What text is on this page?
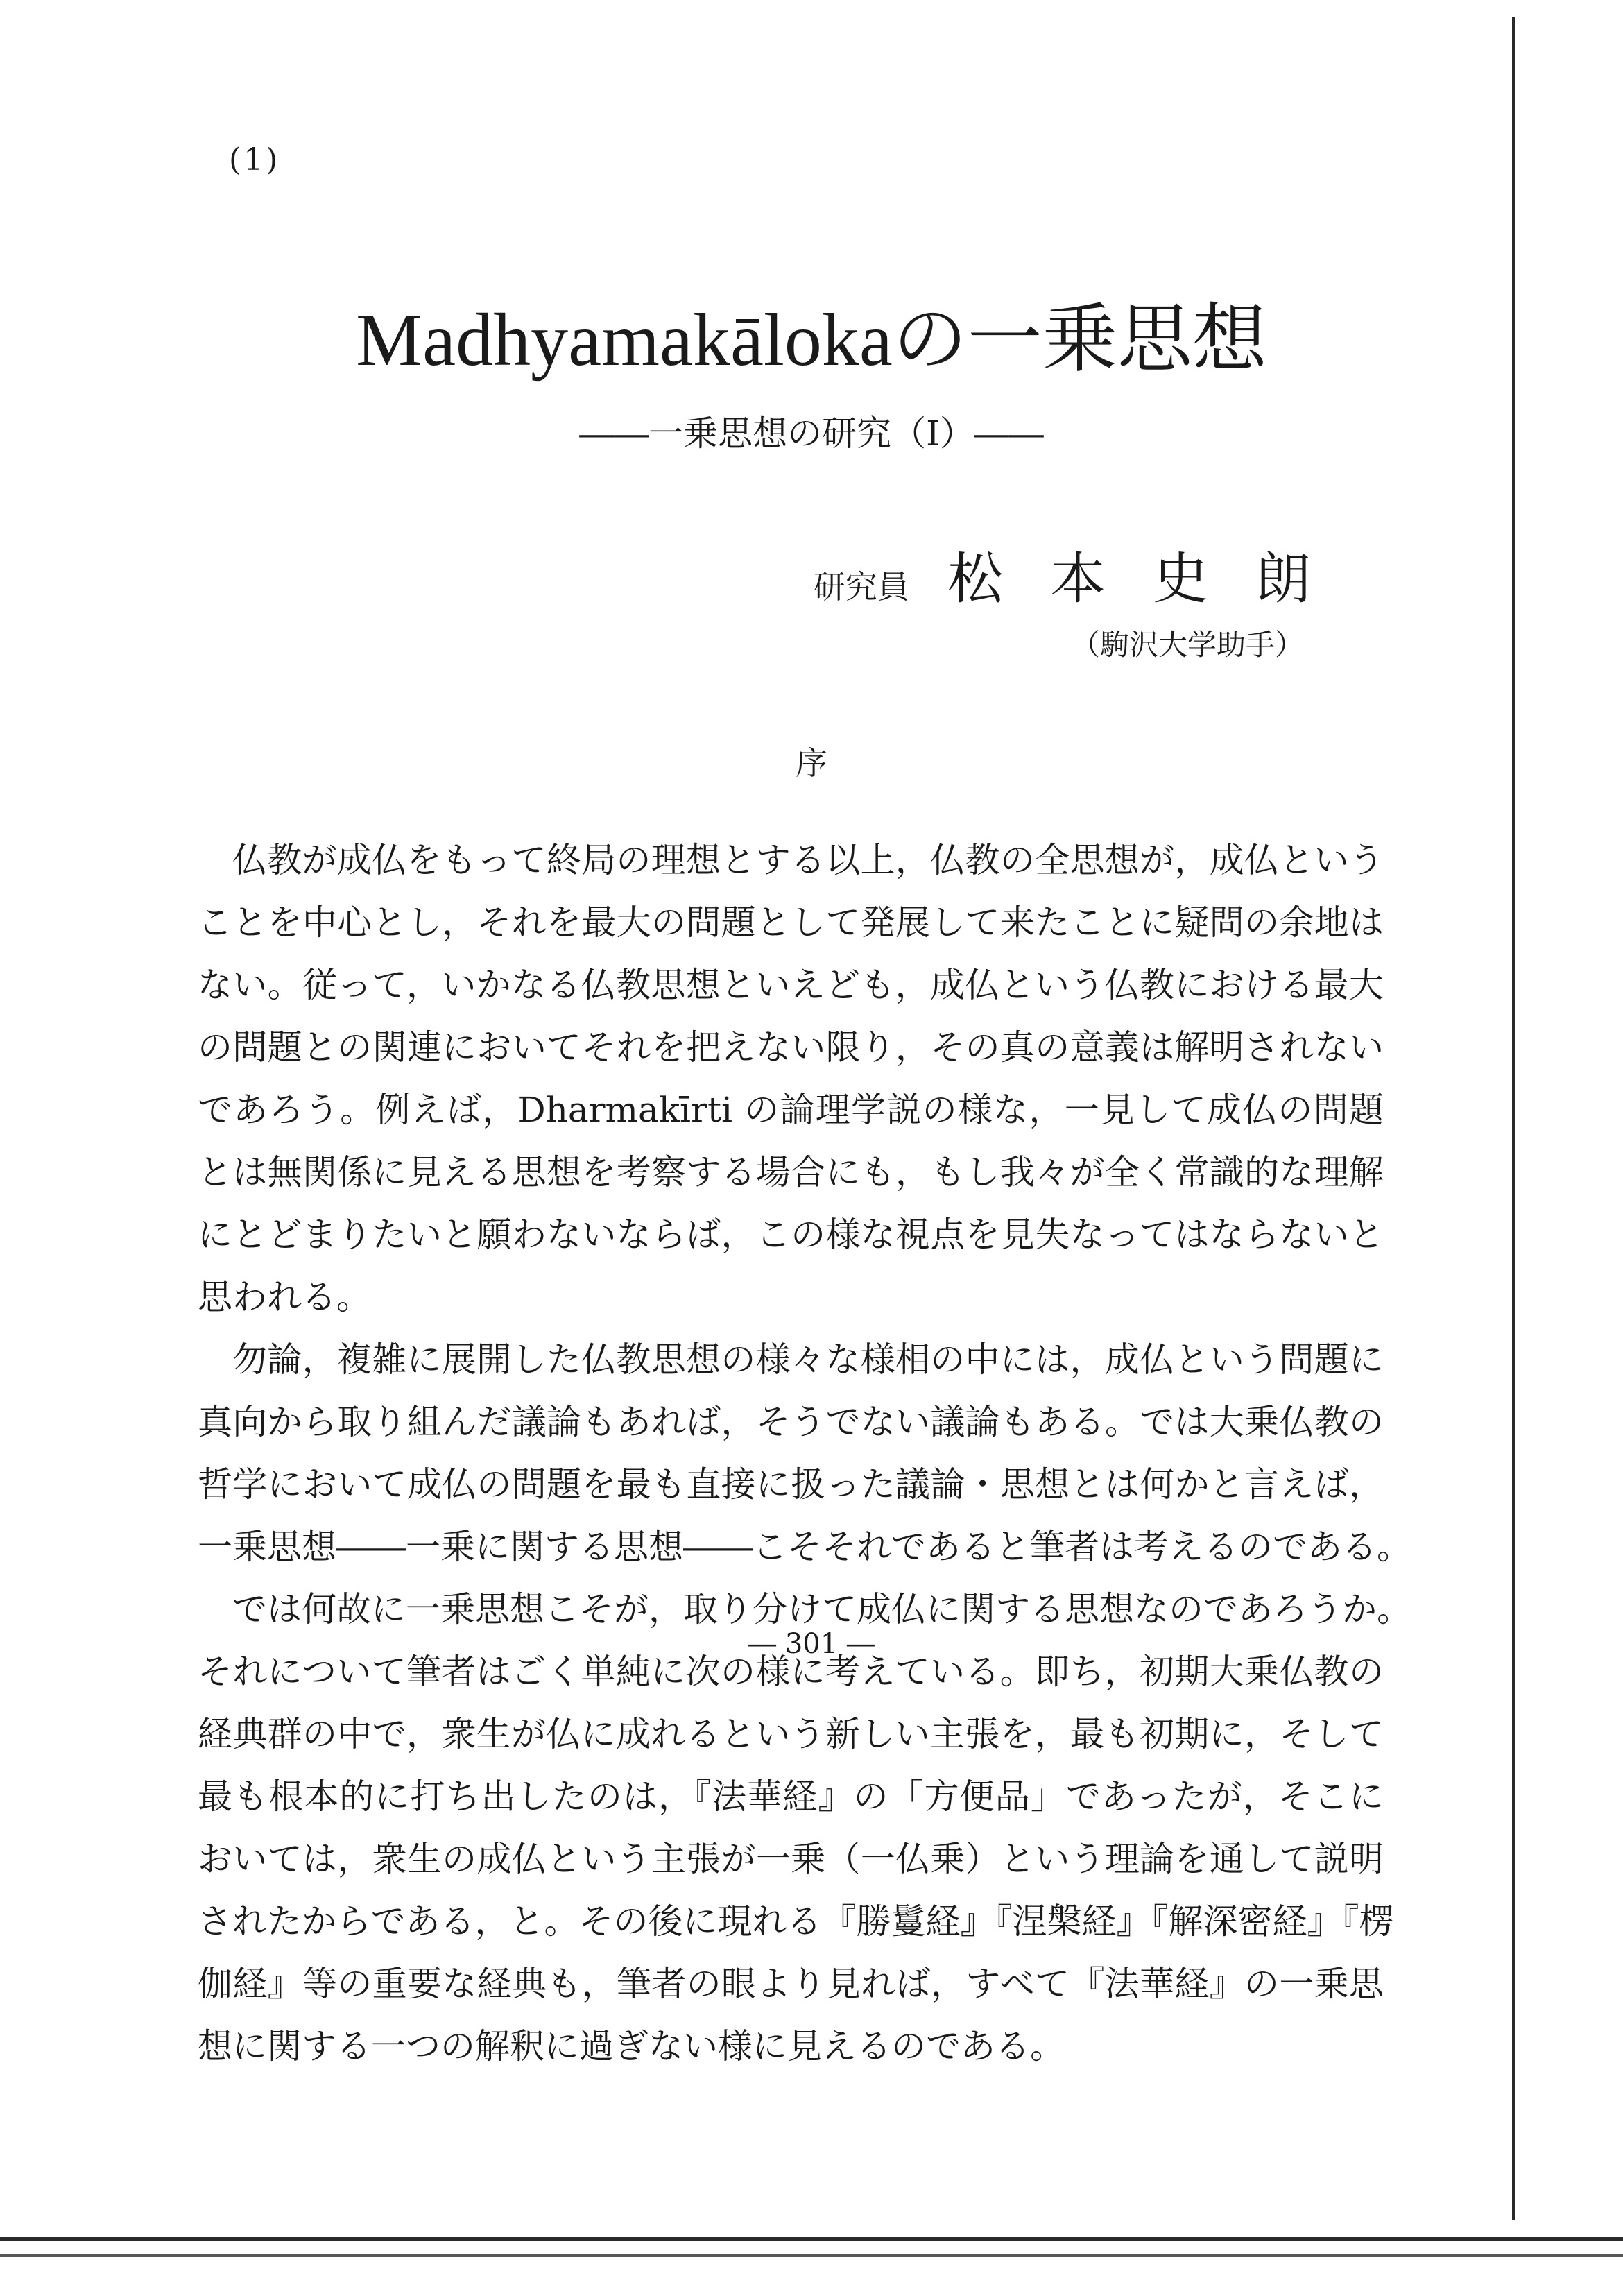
(1)
Madhyamakālokaの一乗思想
――一乗思想の研究（I）――
研究員 松本史朗
（駒沢大学助手）
序

仏教が成仏をもって終局の理想とする以上，仏教の全思想が，成仏という
ことを中心とし，それを最大の問題として発展して来たことに疑問の余地は
ない。従って，いかなる仏教思想といえども，成仏という仏教における最大
の問題との関連においてそれを把えない限り，その真の意義は解明されない
であろう。例えば，Dharmakīrti の論理学説の様な，一見して成仏の問題
とは無関係に見える思想を考察する場合にも，もし我々が全く常識的な理解
にとどまりたいと願わないならば，この様な視点を見失なってはならないと
思われる。

勿論，複雑に展開した仏教思想の様々な様相の中には，成仏という問題に
真向から取り組んだ議論もあれば，そうでない議論もある。では大乗仏教の
哲学において成仏の問題を最も直接に扱った議論・思想とは何かと言えば，
一乗思想――一乗に関する思想――こそそれであると筆者は考えるのである。

では何故に一乗思想こそが，取り分けて成仏に関する思想なのであろうか。
それについて筆者はごく単純に次の様に考えている。即ち，初期大乗仏教の
経典群の中で，衆生が仏に成れるという新しい主張を，最も初期に，そして
最も根本的に打ち出したのは，『法華経』の「方便品」であったが，そこに
おいては，衆生の成仏という主張が一乗（一仏乗）という理論を通して説明
されたからである，と。その後に現れる『勝鬘経』『涅槃経』『解深密経』『楞
伽経』等の重要な経典も，筆者の眼より見れば，すべて『法華経』の一乗思
想に関する一つの解釈に過ぎない様に見えるのである。

― 301 ―
